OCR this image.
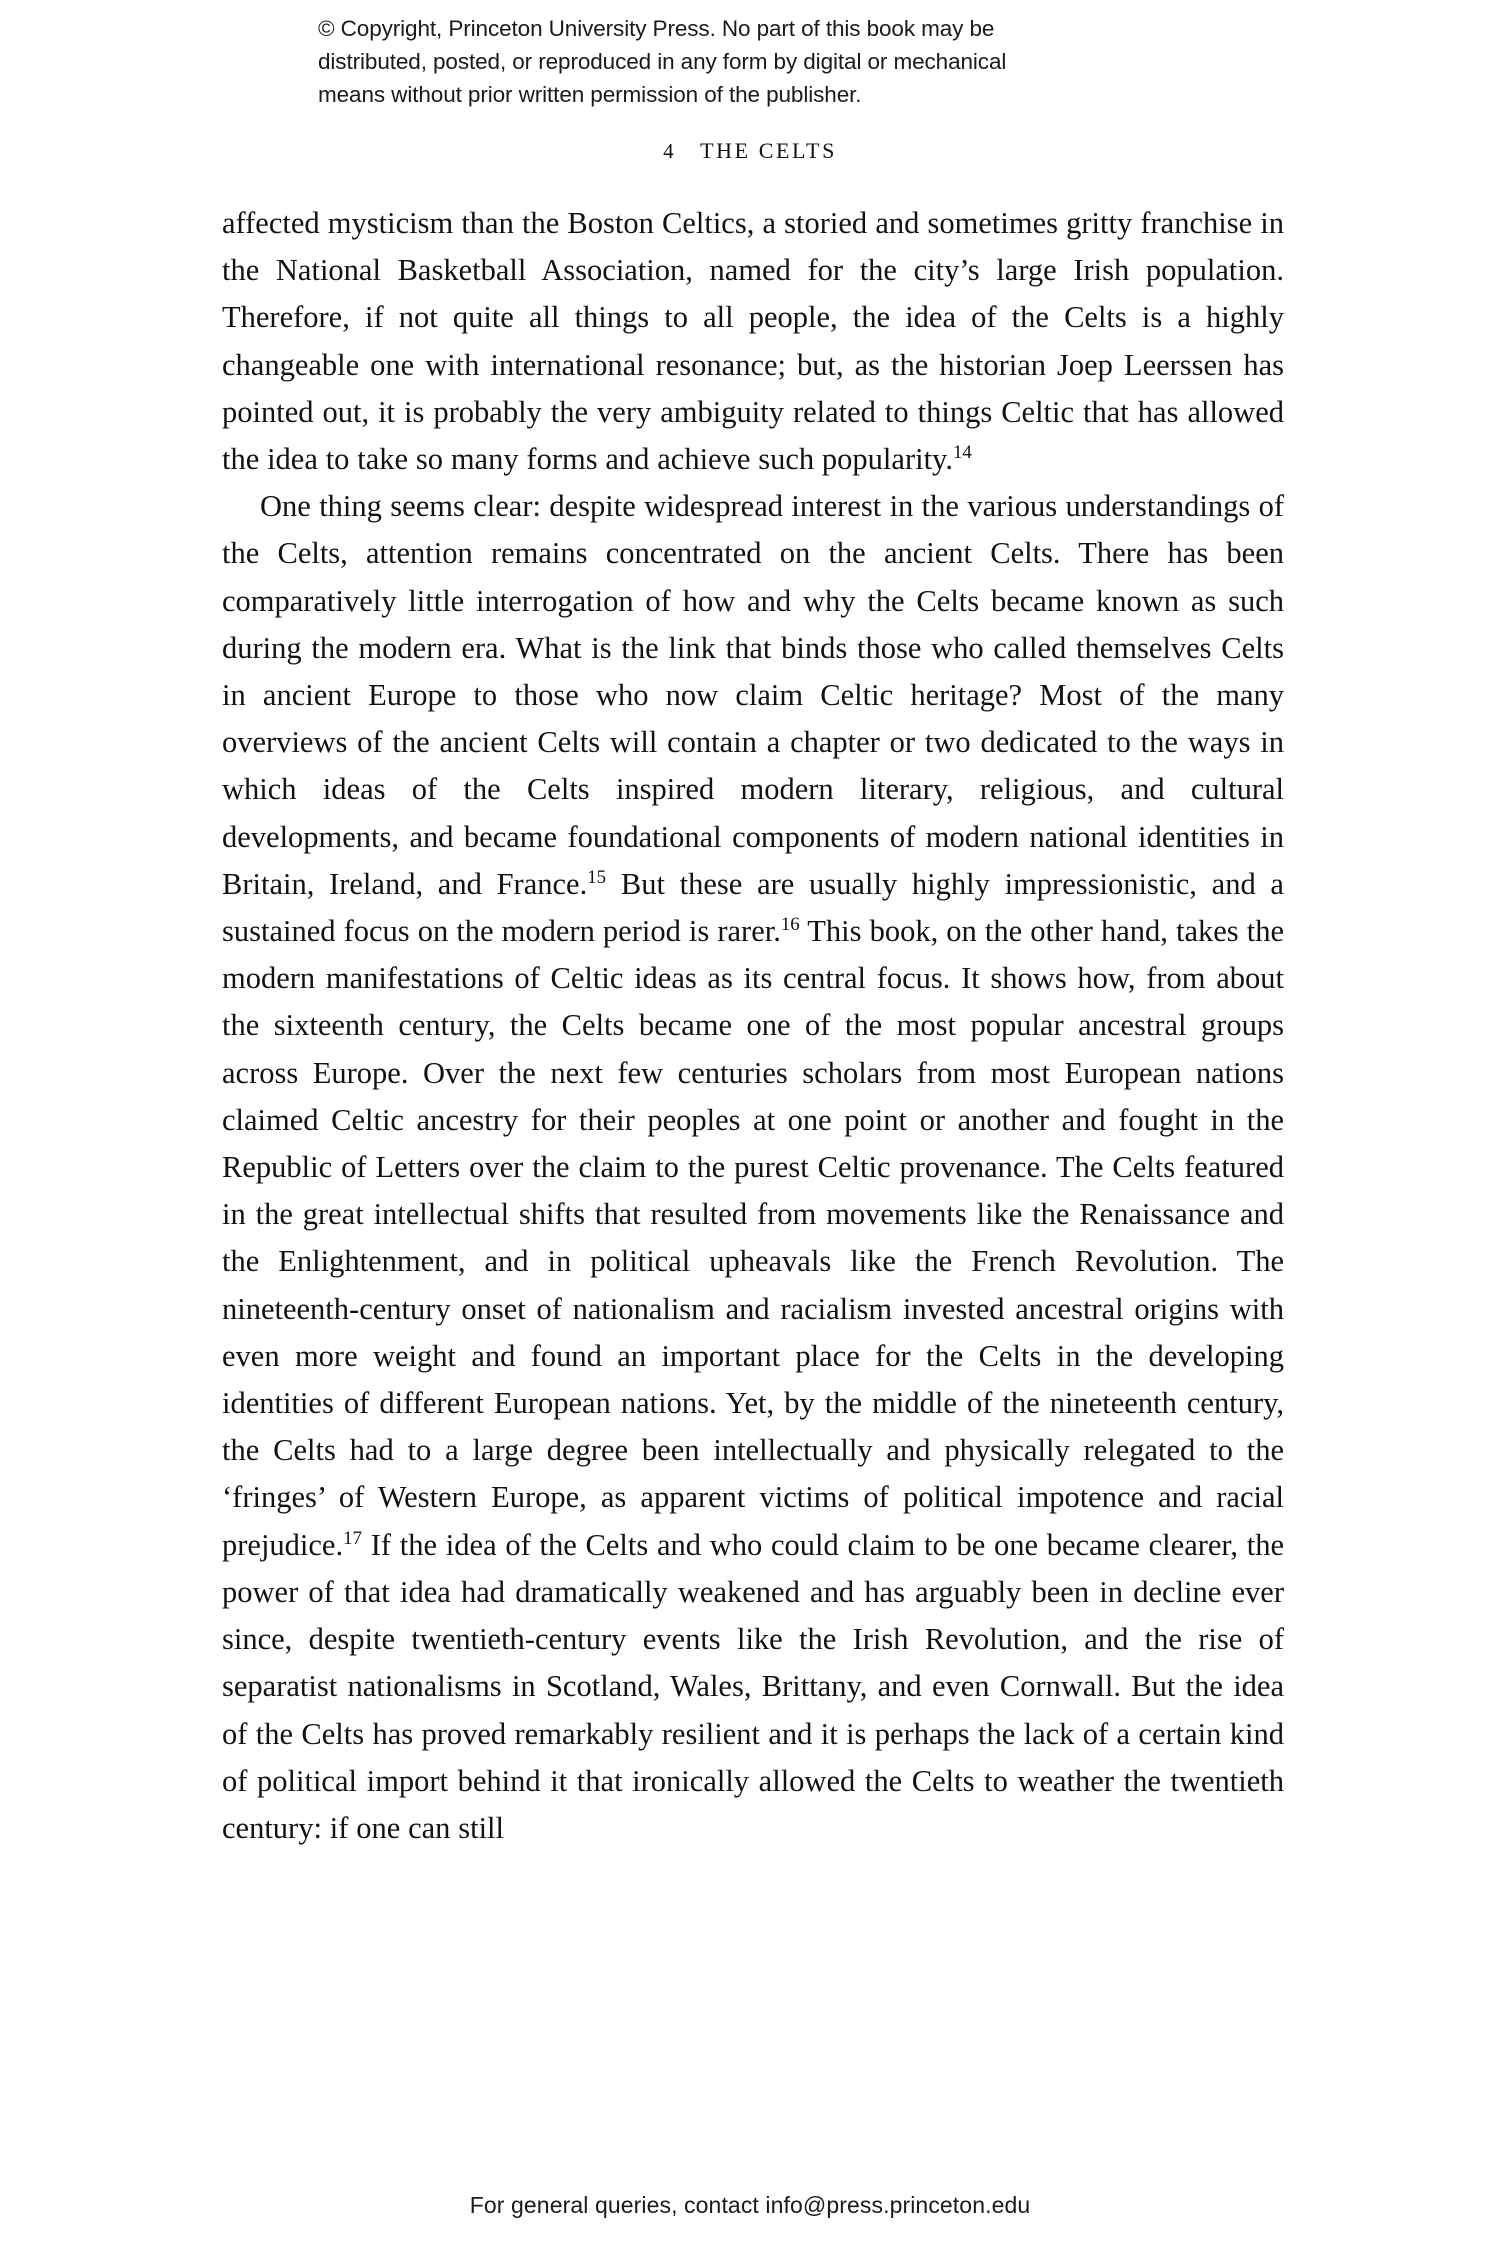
© Copyright, Princeton University Press. No part of this book may be

distributed, posted, or reproduced in any form by digital or mechanical

means without prior written permission of the publisher.

4 THE CELTS

affected mysticism than the Boston Celtics, a storied and sometimes gritty franchise in the National Basketball Association, named for the city’s large Irish population. Therefore, if not quite all things to all people, the idea of the Celts is a highly changeable one with international resonance; but, as the historian Joep Leerssen has pointed out, it is probably the very ambiguity related to things Celtic that has allowed the idea to take so many forms and achieve such popularity.$^{14}$

One thing seems clear: despite widespread interest in the various understandings of the Celts, attention remains concentrated on the ancient Celts. There has been comparatively little interrogation of how and why the Celts became known as such during the modern era. What is the link that binds those who called themselves Celts in ancient Europe to those who now claim Celtic heritage? Most of the many overviews of the ancient Celts will contain a chapter or two dedicated to the ways in which ideas of the Celts inspired modern literary, religious, and cultural developments, and became foundational components of modern national identities in Britain, Ireland, and France.$^{15}$ But these are usually highly impressionistic, and a sustained focus on the modern period is rarer.$^{16}$ This book, on the other hand, takes the modern manifestations of Celtic ideas as its central focus. It shows how, from about the sixteenth century, the Celts became one of the most popular ancestral groups across Europe. Over the next few centuries scholars from most European nations claimed Celtic ancestry for their peoples at one point or another and fought in the Republic of Letters over the claim to the purest Celtic provenance. The Celts featured in the great intellectual shifts that resulted from movements like the Renaissance and the Enlightenment, and in political upheavals like the French Revolution. The nineteenth-century onset of nationalism and racialism invested ancestral origins with even more weight and found an important place for the Celts in the developing identities of different European nations. Yet, by the middle of the nineteenth century, the Celts had to a large degree been intellectually and physically relegated to the ‘fringes’ of Western Europe, as apparent victims of political impotence and racial prejudice.$^{17}$ If the idea of the Celts and who could claim to be one became clearer, the power of that idea had dramatically weakened and has arguably been in decline ever since, despite twentieth-century events like the Irish Revolution, and the rise of separatist nationalisms in Scotland, Wales, Brittany, and even Cornwall. But the idea of the Celts has proved remarkably resilient and it is perhaps the lack of a certain kind of political import behind it that ironically allowed the Celts to weather the twentieth century: if one can still

For general queries, contact info@press.princeton.edu
